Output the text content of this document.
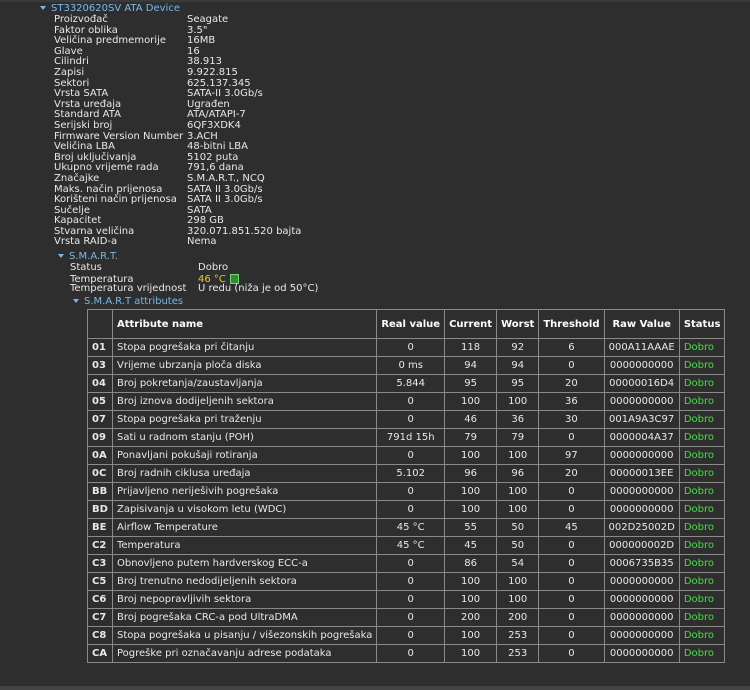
ST3320620SV ATA Device
Proizvođač	Seagate
Faktor oblika	3.5"
Veličina predmemorije 16MB
Glave	16
Cilindri	38.913
Zapisi	9.922.815
Sektori	625.137.345
Vrsta SATA	SATA-II 3.0Gb/s
Vrsta uređaja	Ugrađen
Standard ATA	ATA/ATAPI-7
Serijski broj	6QF3XDK4
Firmware Version Number 3.ACH
Veličina LBA	48-bitni LBA
Broj uključivanja	5102 puta
Ukupno vrijeme rada	791,6 dana
Značajke	S.M.A.R.T., NCQ
Maks. način prijenosa SATA II 3.0Gb/s
Korišteni način prijenosa SATA II 3.0Gb/s
Sučelje	SATA
Kapacitet	298 GB
Stvarna veličina	320.071.851.520 bajta
Vrsta RAID-a	Nema
S.M.A.R.T.
Status	Dobro
Temperatura	46 °C
Temperatura vrijednost U redu (niža je od 50°C)
S.M.A.R.T attributes
	Attribute name	Real value	Current	Worst	Threshold	Raw Value	Status
01	Stopa pogrešaka pri čitanju	0	118	92	6	000A11AAAE	Dobro
03	Vrijeme ubrzanja ploča diska	0 ms	94	94	0	0000000000	Dobro
04	Broj pokretanja/zaustavljanja	5.844	95	95	20	00000016D4	Dobro
05	Broj iznova dodijeljenih sektora	0	100	100	36	0000000000	Dobro
07	Stopa pogrešaka pri traženju	0	46	36	30	001A9A3C97	Dobro
09	Sati u radnom stanju (POH)	791d 15h	79	79	0	0000004A37	Dobro
0A	Ponavljani pokušaji rotiranja	0	100	100	97	0000000000	Dobro
0C	Broj radnih ciklusa uređaja	5.102	96	96	20	00000013EE	Dobro
BB	Prijavljeno neriješivih pogrešaka	0	100	100	0	0000000000	Dobro
BD	Zapisivanja u visokom letu (WDC)	0	100	100	0	0000000000	Dobro
BE	Airflow Temperature	45 °C	55	50	45	002D25002D	Dobro
C2	Temperatura	45 °C	45	50	0	000000002D	Dobro
C3	Obnovljeno putem hardverskog ECC-a	0	86	54	0	0006735B35	Dobro
C5	Broj trenutno nedodijeljenih sektora	0	100	100	0	0000000000	Dobro
C6	Broj nepopravljivih sektora	0	100	100	0	0000000000	Dobro
C7	Broj pogrešaka CRC-a pod UltraDMA	0	200	200	0	0000000000	Dobro
C8	Stopa pogrešaka u pisanju / višezonskih pogrešaka	0	100	253	0	0000000000	Dobro
CA	Pogreške pri označavanju adrese podataka	0	100	253	0	0000000000	Dobro
